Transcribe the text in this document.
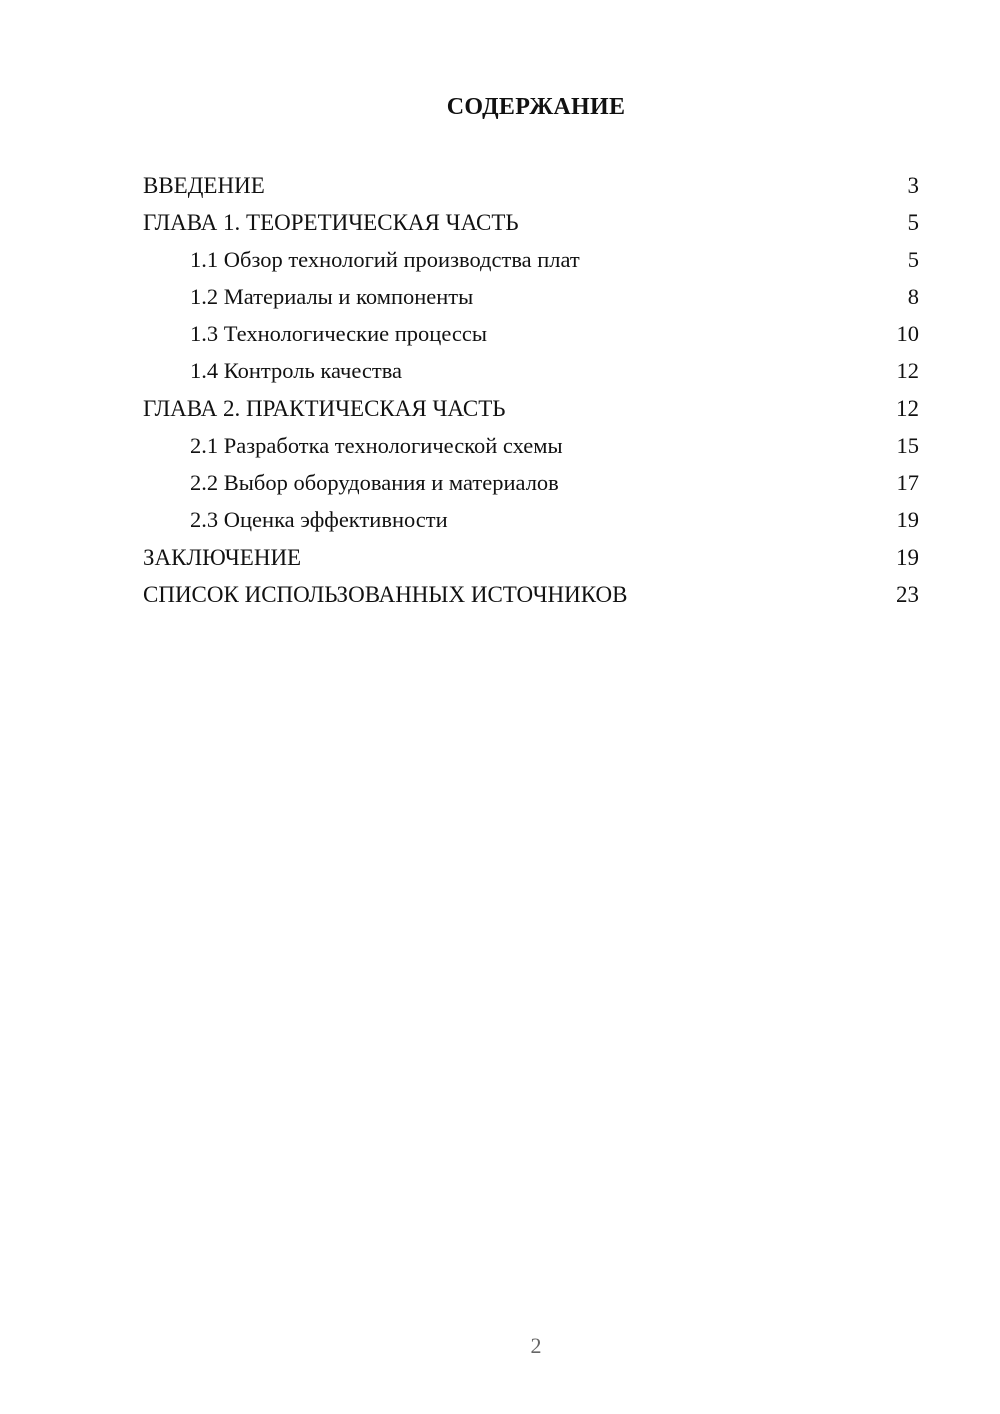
СОДЕРЖАНИЕ
ВВЕДЕНИЕ	3
ГЛАВА 1. ТЕОРЕТИЧЕСКАЯ ЧАСТЬ	5
1.1 Обзор технологий производства плат	5
1.2 Материалы и компоненты	8
1.3 Технологические процессы	10
1.4 Контроль качества	12
ГЛАВА 2. ПРАКТИЧЕСКАЯ ЧАСТЬ	12
2.1 Разработка технологической схемы	15
2.2 Выбор оборудования и материалов	17
2.3 Оценка эффективности	19
ЗАКЛЮЧЕНИЕ	19
СПИСОК ИСПОЛЬЗОВАННЫХ ИСТОЧНИКОВ	23
2
